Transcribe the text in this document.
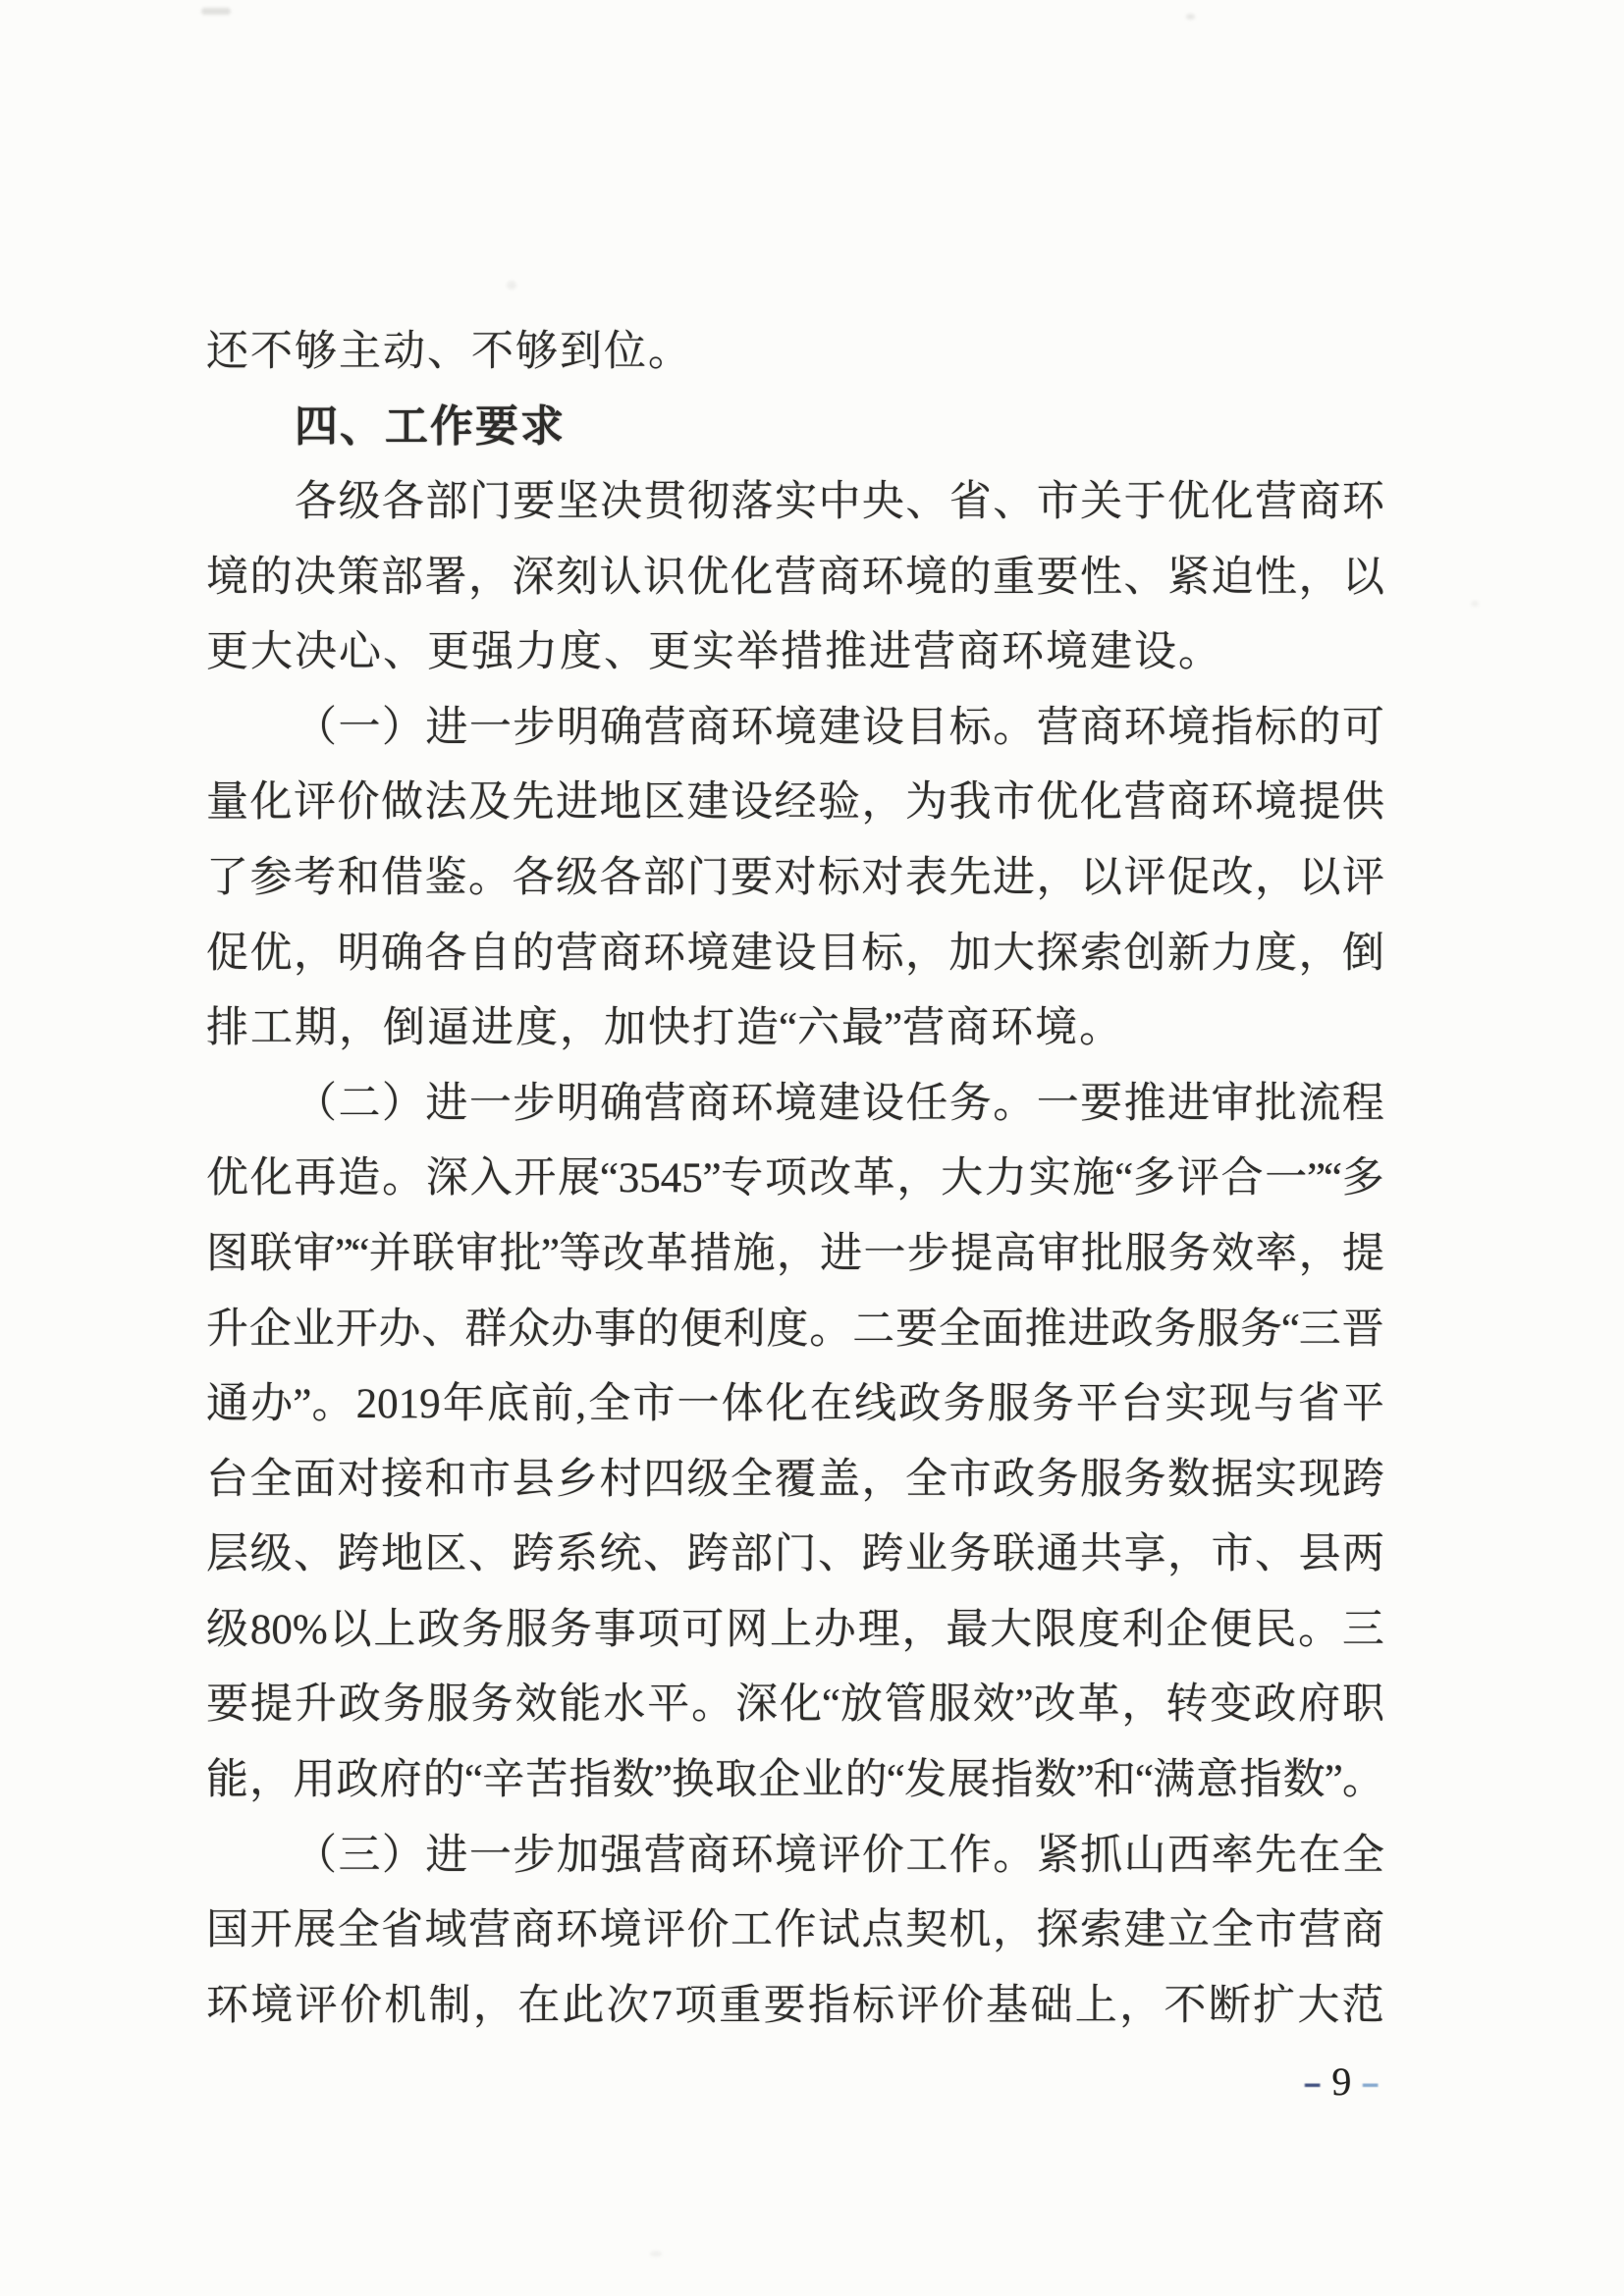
还 不 够 主 动 、 不 够 到 位 。
四 、 工 作 要 求
各 级 各 部 门 要 坚 决 贯 彻 落 实 中 央 、 省 、 市 关 于 优 化 营 商 环
境 的 决 策 部 署 ， 深 刻 认 识 优 化 营 商 环 境 的 重 要 性 、 紧 迫 性 ， 以
更 大 决 心 、 更 强 力 度 、 更 实 举 措 推 进 营 商 环 境 建 设 。
（ 一 ） 进 一 步 明 确 营 商 环 境 建 设 目 标 。 营 商 环 境 指 标 的 可
量 化 评 价 做 法 及 先 进 地 区 建 设 经 验 ， 为 我 市 优 化 营 商 环 境 提 供
了 参 考 和 借 鉴 。 各 级 各 部 门 要 对 标 对 表 先 进 ， 以 评 促 改 ， 以 评
促 优 ， 明 确 各 自 的 营 商 环 境 建 设 目 标 ， 加 大 探 索 创 新 力 度 ， 倒
排 工 期 ， 倒 逼 进 度 ， 加 快 打 造 “ 六 最 ” 营 商 环 境 。
（ 二 ） 进 一 步 明 确 营 商 环 境 建 设 任 务 。 一 要 推 进 审 批 流 程
优 化 再 造 。 深 入 开 展 “ 3545 ” 专 项 改 革 ， 大 力 实 施 “ 多 评 合 一 ”
“ 多
图 联 审 ”
“ 并 联 审 批 ” 等 改 革 措 施 ， 进 一 步 提 高 审 批 服 务 效 率 ， 提
升 企 业 开 办 、 群 众 办 事 的 便 利 度 。 二 要 全 面 推 进 政 务 服 务
“
三 晋
通 办 ” 。 2019 年 底 前 , 全 市 一 体 化 在 线 政 务 服 务 平 台 实 现 与 省 平
台 全 面 对 接 和 市 县 乡 村 四 级 全 覆 盖 ， 全 市 政 务 服 务 数 据 实 现 跨
层 级 、 跨 地 区 、 跨 系 统 、 跨 部 门 、 跨 业 务 联 通 共 享 ， 市 、 县 两
级 80% 以 上 政 务 服 务 事 项 可 网 上 办 理 ， 最 大 限 度 利 企 便 民 。 三
要 提 升 政 务 服 务 效 能 水 平 。 深 化 “ 放 管 服 效 ” 改 革 ， 转 变 政 府 职
能 ， 用 政 府 的 “ 辛 苦 指 数 ” 换 取 企 业 的 “ 发 展 指 数 ” 和 “ 满 意 指 数 ” 。
（ 三 ） 进 一 步 加 强 营 商 环 境 评 价 工 作 。 紧 抓 山 西 率 先 在 全
国 开 展 全 省 域 营 商 环 境 评 价 工 作 试 点 契 机 ， 探 索 建 立 全 市 营 商
环 境 评 价 机 制 ， 在 此 次 7 项 重 要 指 标 评 价 基 础 上 ， 不 断 扩 大 范
- 9 -
